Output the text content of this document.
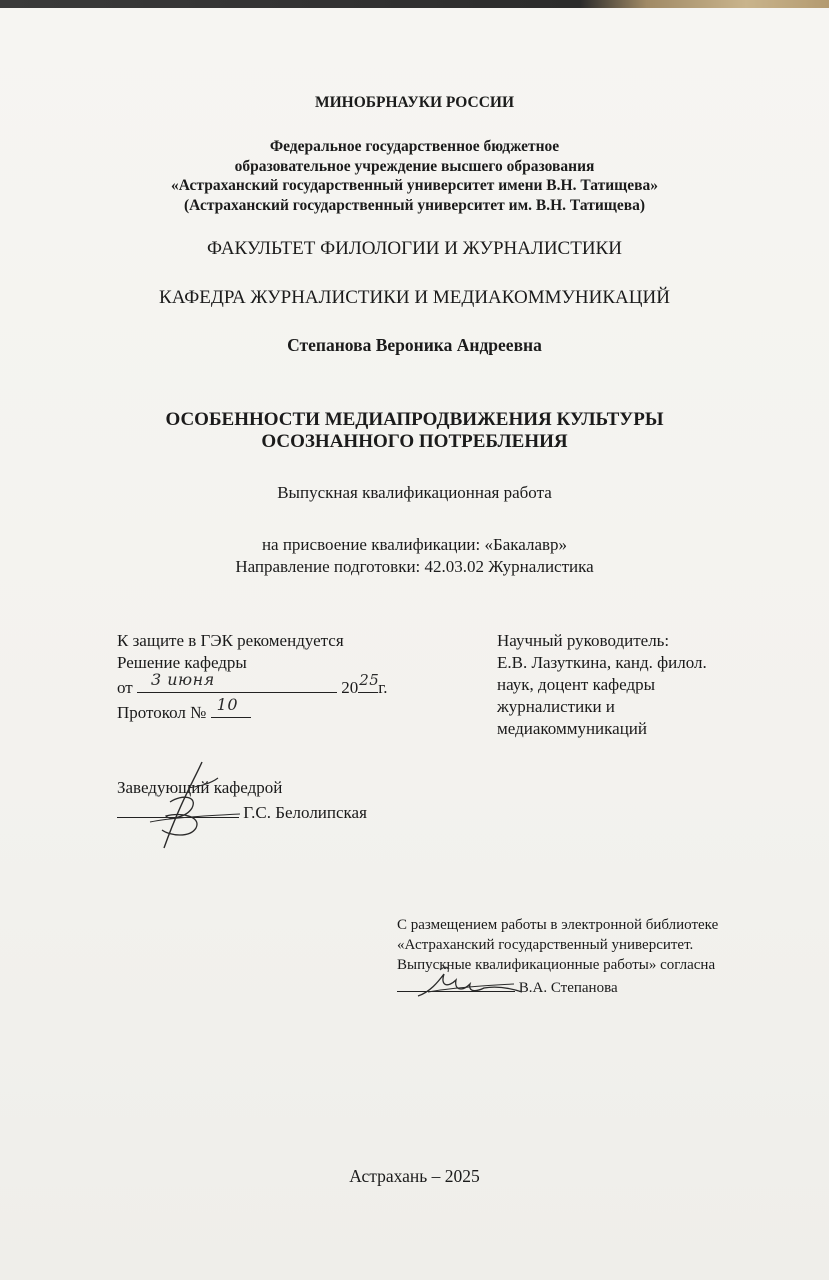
МИНОБРНАУКИ РОССИИ
Федеральное государственное бюджетное
образовательное учреждение высшего образования
«Астраханский государственный университет имени В.Н. Татищева»
(Астраханский государственный университет им. В.Н. Татищева)
ФАКУЛЬТЕТ ФИЛОЛОГИИ И ЖУРНАЛИСТИКИ
КАФЕДРА ЖУРНАЛИСТИКИ И МЕДИАКОММУНИКАЦИЙ
Степанова Вероника Андреевна
ОСОБЕННОСТИ МЕДИАПРОДВИЖЕНИЯ КУЛЬТУРЫ
ОСОЗНАННОГО ПОТРЕБЛЕНИЯ
Выпускная квалификационная работа
на присвоение квалификации: «Бакалавр»
Направление подготовки: 42.03.02 Журналистика
К защите в ГЭК рекомендуется
Решение кафедры
от 3 июня	20 25
г.
Протокол № 10
Научный руководитель:
Е.В. Лазуткина, канд. филол.
наук, доцент кафедры
журналистики и
медиакоммуникаций
Заведующий кафедрой
Г.С. Белолипская
С размещением работы в электронной библиотеке
«Астраханский государственный университет.
Выпускные квалификационные работы» согласна
В.А. Степанова
Астрахань – 2025
